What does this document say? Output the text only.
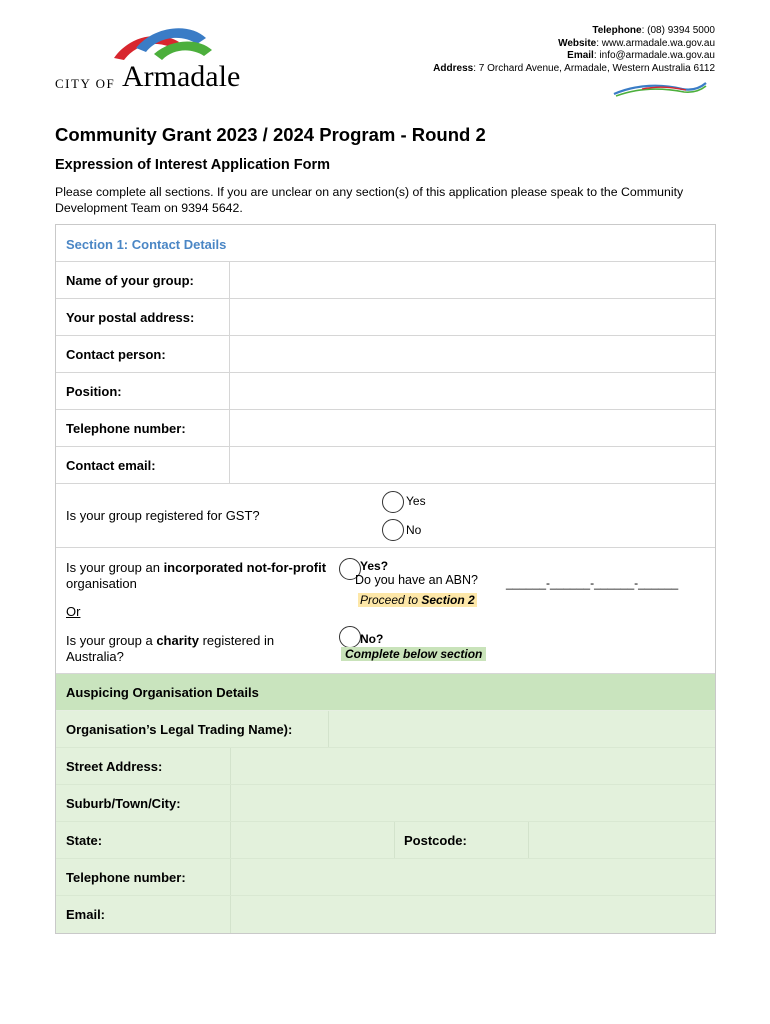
CITY OF Armadale
Telephone: (08) 9394 5000
Website: www.armadale.wa.gov.au
Email: info@armadale.wa.gov.au
Address: 7 Orchard Avenue, Armadale, Western Australia 6112
Community Grant 2023 / 2024 Program - Round 2
Expression of Interest Application Form

Please complete all sections. If you are unclear on any section(s) of this application please speak to the Community Development Team on 9394 5642.

Section 1: Contact Details
Name of your group:
Your postal address:
Contact person:
Position:
Telephone number:
Contact email:
Is your group registered for GST?
Yes
No
Is your group an incorporated not-for-profit organisation
Or
Is your group a charity registered in Australia?
Yes?
Do you have an ABN? ______-______-______-______
Proceed to Section 2
No?
Complete below section
Auspicing Organisation Details
Organisation’s Legal Trading Name):
Street Address:
Suburb/Town/City:
State:	Postcode:
Telephone number:
Email:
